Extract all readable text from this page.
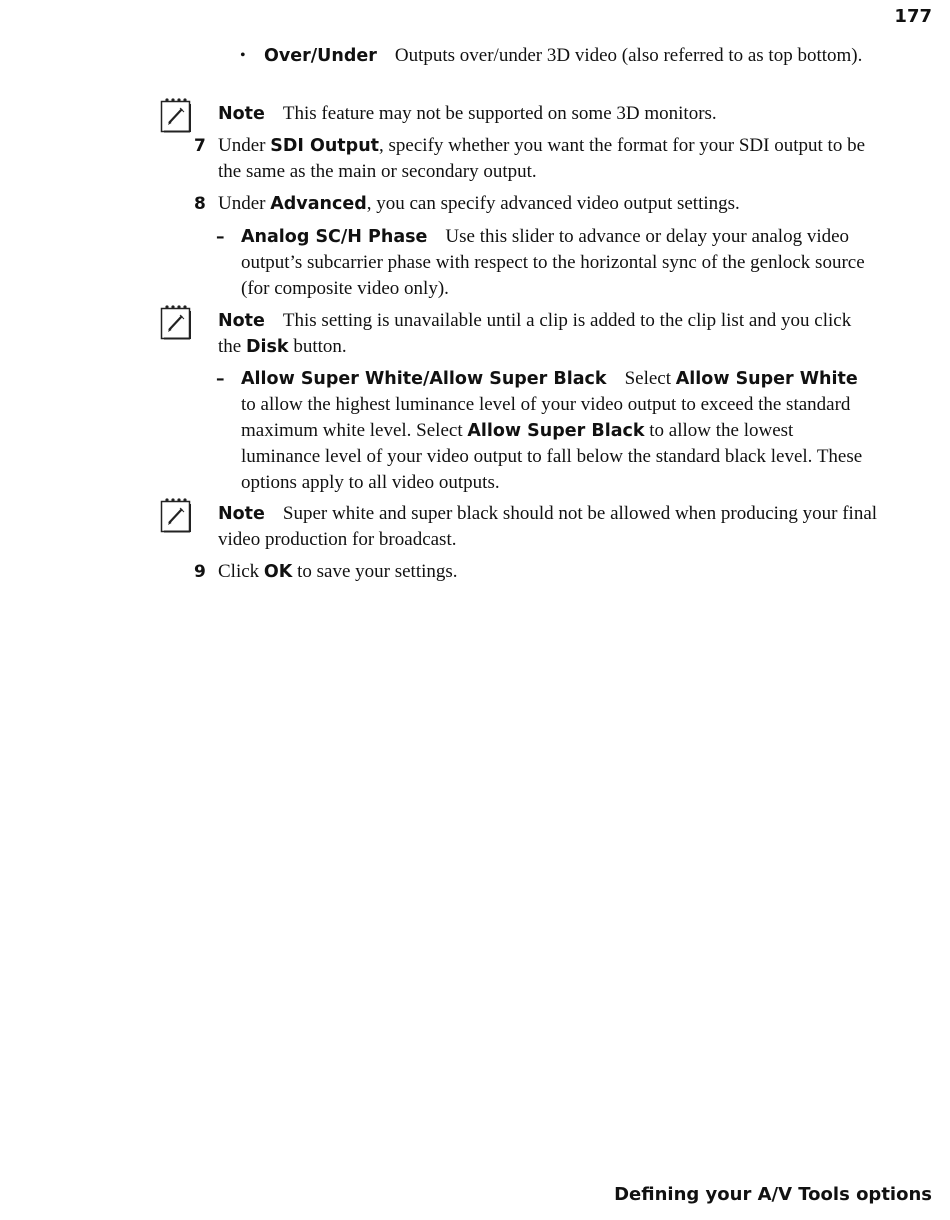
177
• Over/Under Outputs over/under 3D video (also referred to as top bottom).
Note This feature may not be supported on some 3D monitors.
7 Under SDI Output, specify whether you want the format for your SDI output to be the same as the main or secondary output.
8 Under Advanced, you can specify advanced video output settings.
– Analog SC/H Phase Use this slider to advance or delay your analog video output’s subcarrier phase with respect to the horizontal sync of the genlock source (for composite video only).
Note This setting is unavailable until a clip is added to the clip list and you click the Disk button.
– Allow Super White/Allow Super Black Select Allow Super White to allow the highest luminance level of your video output to exceed the standard maximum white level. Select Allow Super Black to allow the lowest luminance level of your video output to fall below the standard black level. These options apply to all video outputs.
Note Super white and super black should not be allowed when producing your final video production for broadcast.
9 Click OK to save your settings.
Defining your A/V Tools options
